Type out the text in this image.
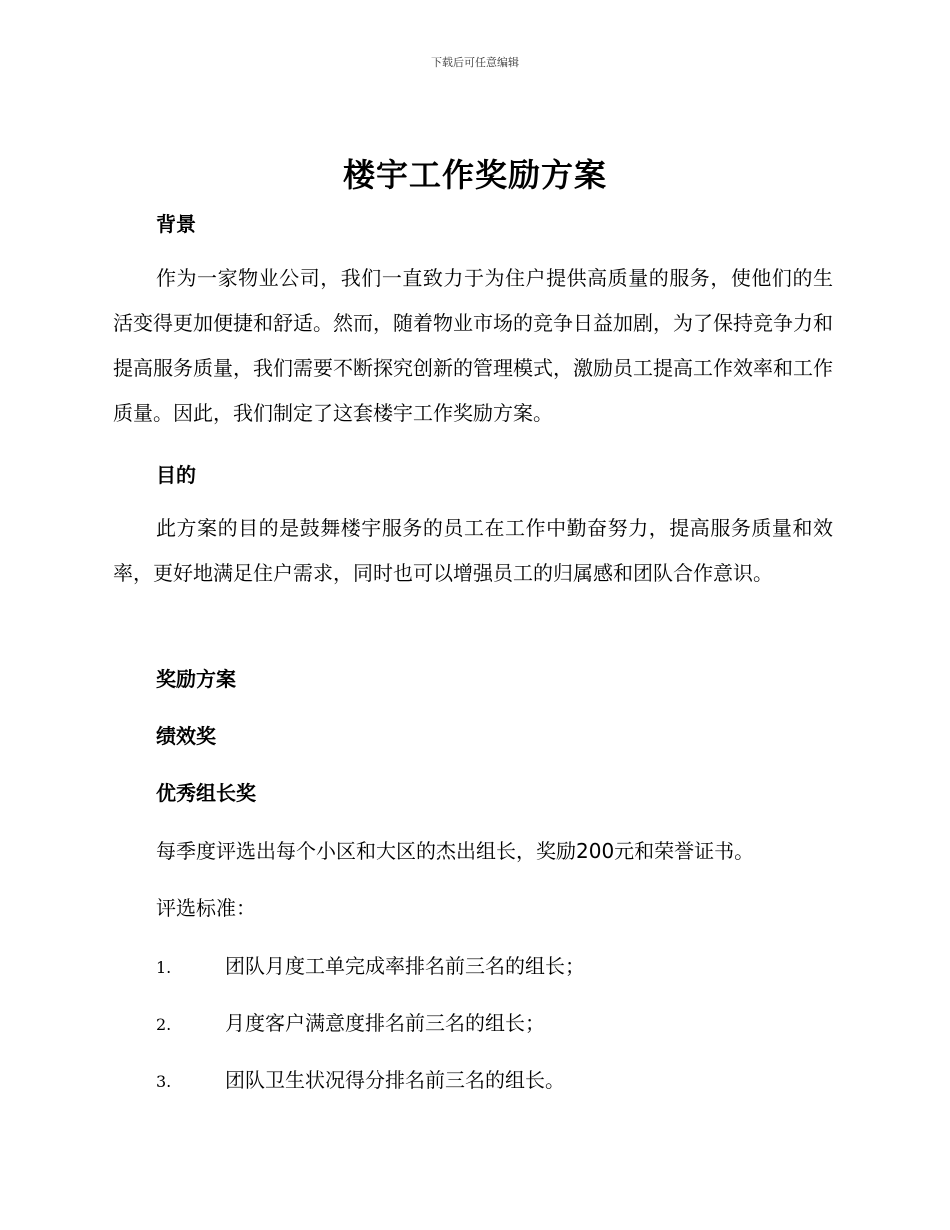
下载后可任意编辑
楼宇工作奖励方案
背景

作为一家物业公司，我们一直致力于为住户提供高质量的服务，使他们的生活变得更加便捷和舒适。然而，随着物业市场的竞争日益加剧，为了保持竞争力和提高服务质量，我们需要不断探究创新的管理模式，激励员工提高工作效率和工作质量。因此，我们制定了这套楼宇工作奖励方案。

目的

此方案的目的是鼓舞楼宇服务的员工在工作中勤奋努力，提高服务质量和效率，更好地满足住户需求，同时也可以增强员工的归属感和团队合作意识。

奖励方案
绩效奖
优秀组长奖

每季度评选出每个小区和大区的杰出组长，奖励200元和荣誉证书。

评选标准：

1.	团队月度工单完成率排名前三名的组长；

2.	月度客户满意度排名前三名的组长；

3.	团队卫生状况得分排名前三名的组长。
